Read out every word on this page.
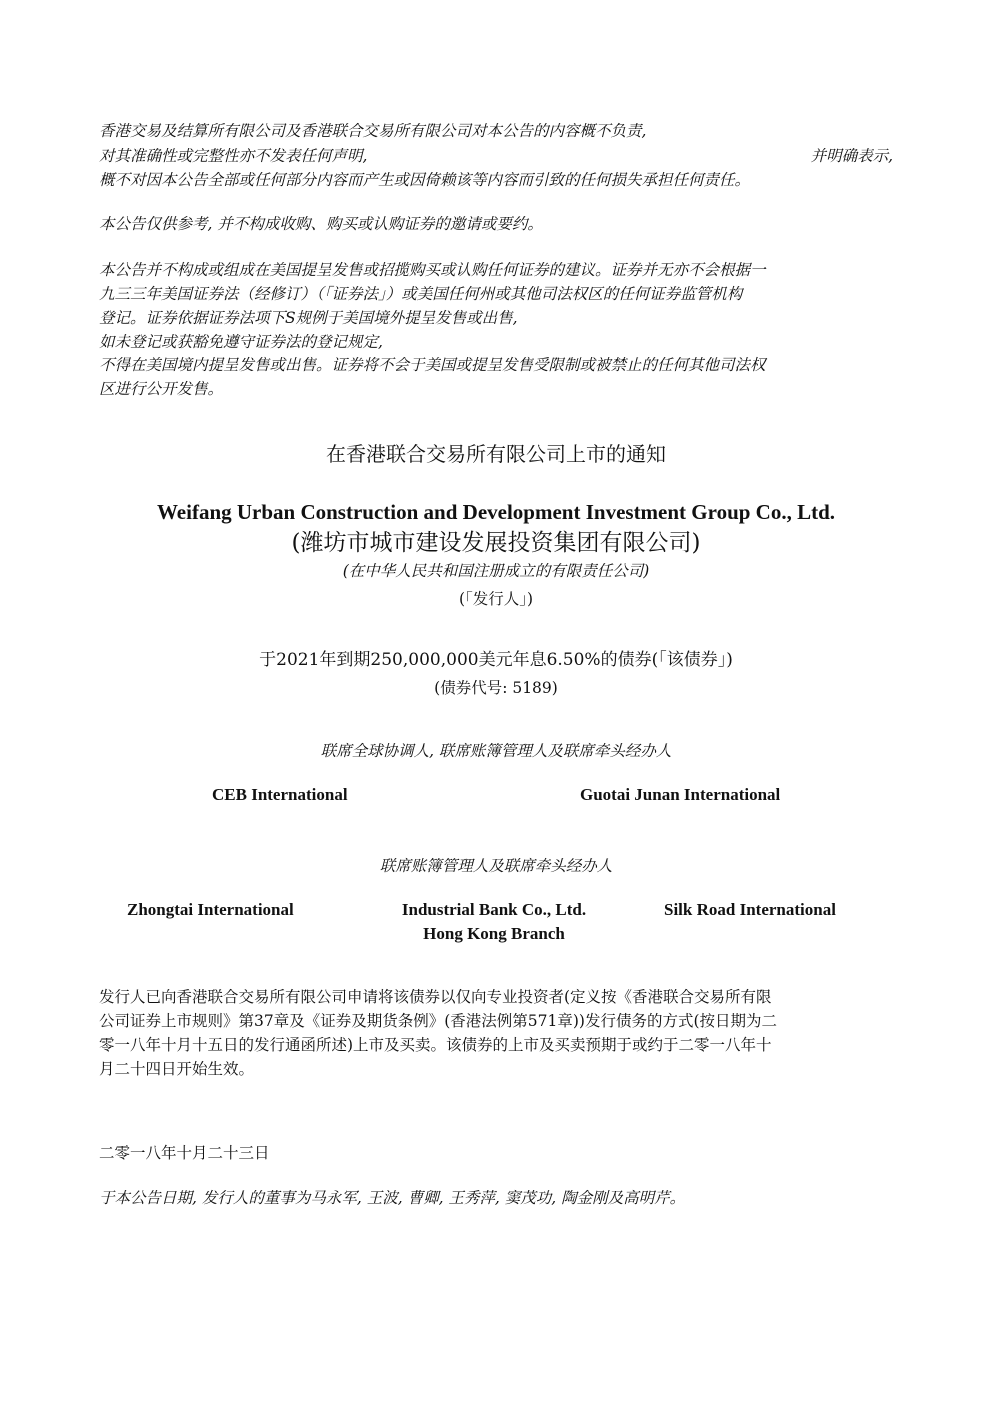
香港交易及结算所有限公司及香港联合交易所有限公司对本公告的内容概不负责,
对其准确性或完整性亦不发表任何声明,	并明确表示,
概不对因本公告全部或任何部分内容而产生或因倚赖该等内容而引致的任何损失承担任何责任。
本公告仅供参考, 并不构成收购、购买或认购证券的邀请或要约。
本公告并不构成或组成在美国提呈发售或招揽购买或认购任何证券的建议。证券并无亦不会根据一
九三三年美国证券法（经修订）（「证券法」）或美国任何州或其他司法权区的任何证券监管机构
登记。证券依据证券法项下S规例于美国境外提呈发售或出售,
如未登记或获豁免遵守证券法的登记规定,
不得在美国境内提呈发售或出售。证券将不会于美国或提呈发售受限制或被禁止的任何其他司法权
区进行公开发售。
在香港联合交易所有限公司上市的通知
Weifang Urban Construction and Development Investment Group Co., Ltd.
(潍坊市城市建设发展投资集团有限公司)
(在中华人民共和国注册成立的有限责任公司)
(「发行人」)
于2021年到期250,000,000美元年息6.50%的债券(「该债券」)
(债券代号: 5189)
联席全球协调人, 联席账簿管理人及联席牵头经办人
CEB International	Guotai Junan International
联席账簿管理人及联席牵头经办人
Zhongtai International	Industrial Bank Co., Ltd.
Hong Kong Branch
Silk Road International
发行人已向香港联合交易所有限公司申请将该债券以仅向专业投资者(定义按《香港联合交易所有限
公司证券上市规则》第37章及《证券及期货条例》(香港法例第571章))发行债务的方式(按日期为二
零一八年十月十五日的发行通函所述)上市及买卖。该债券的上市及买卖预期于或约于二零一八年十
月二十四日开始生效。
二零一八年十月二十三日
于本公告日期, 发行人的董事为马永军, 王波, 曹卿, 王秀萍, 窦茂功, 陶金刚及高明芹。
